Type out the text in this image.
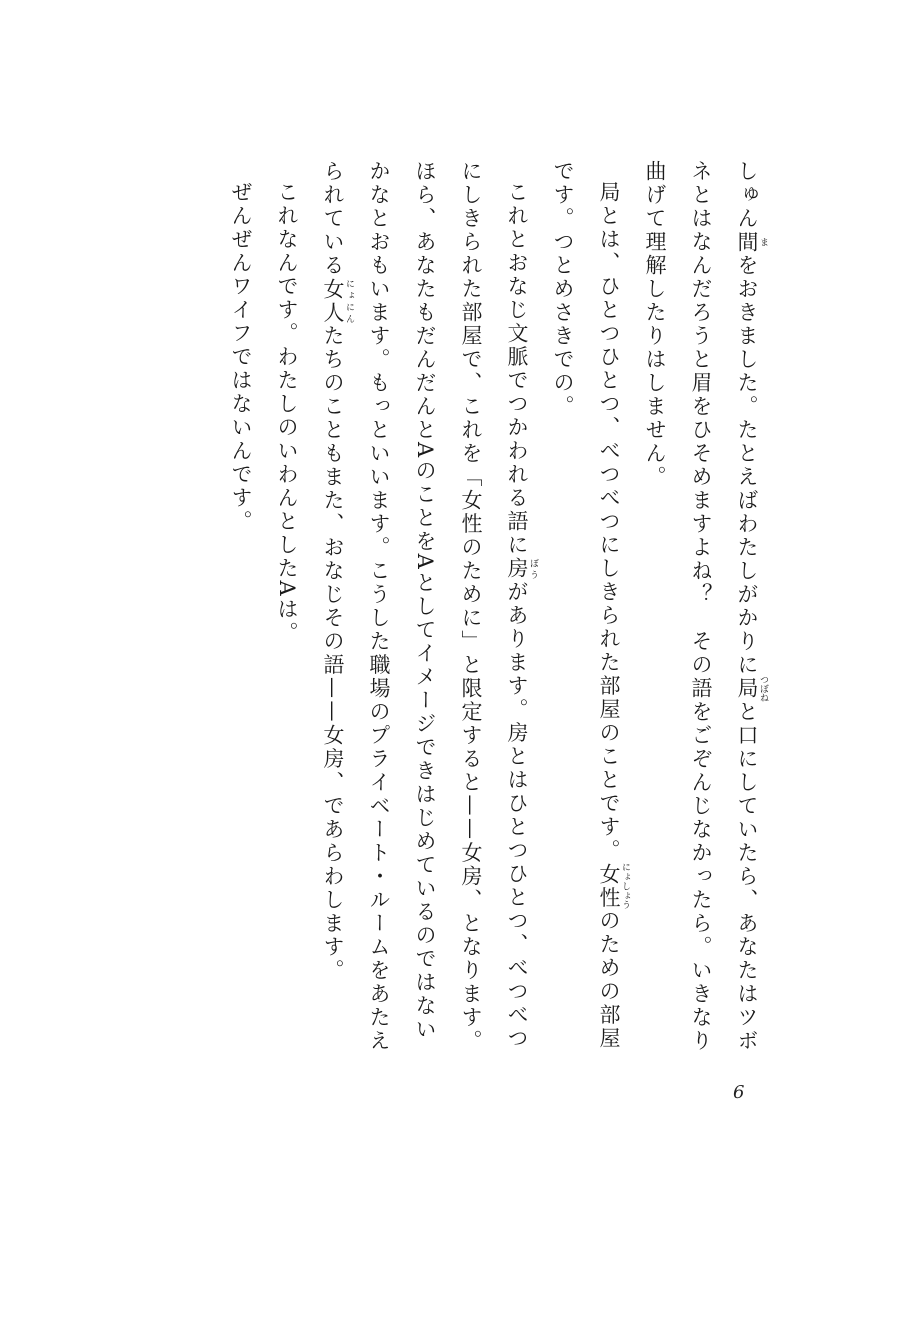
しゅん間 まをおきました。たとえばわたしがかりに局 つぼねと口にしていたら、あなたはツボネとはなんだろうと眉をひそめますよね？　その語をごぞんじなかったら。いきなり曲げて理解したりはしません。

局とは、ひとつひとつ、べつべつにしきられた部屋のことです。女性 にょしょうのための部屋です。つとめさきでの。

これとおなじ文脈でつかわれる語に房 ぼうがあります。房とはひとつひとつ、べつべつにしきられた部屋で、これを「女性のために」と限定すると——女房、となります。ほら、あなたもだんだんとAのことをAとしてイメージできはじめているのではないかなとおもいます。もっといいます。こうした職場のプライベート・ルームをあたえられている女人 にょにんたちのこともまた、おなじその語——女房、であらわします。

これなんです。わたしのいわんとしたAは。

ぜんぜんワイフではないんです。

6
